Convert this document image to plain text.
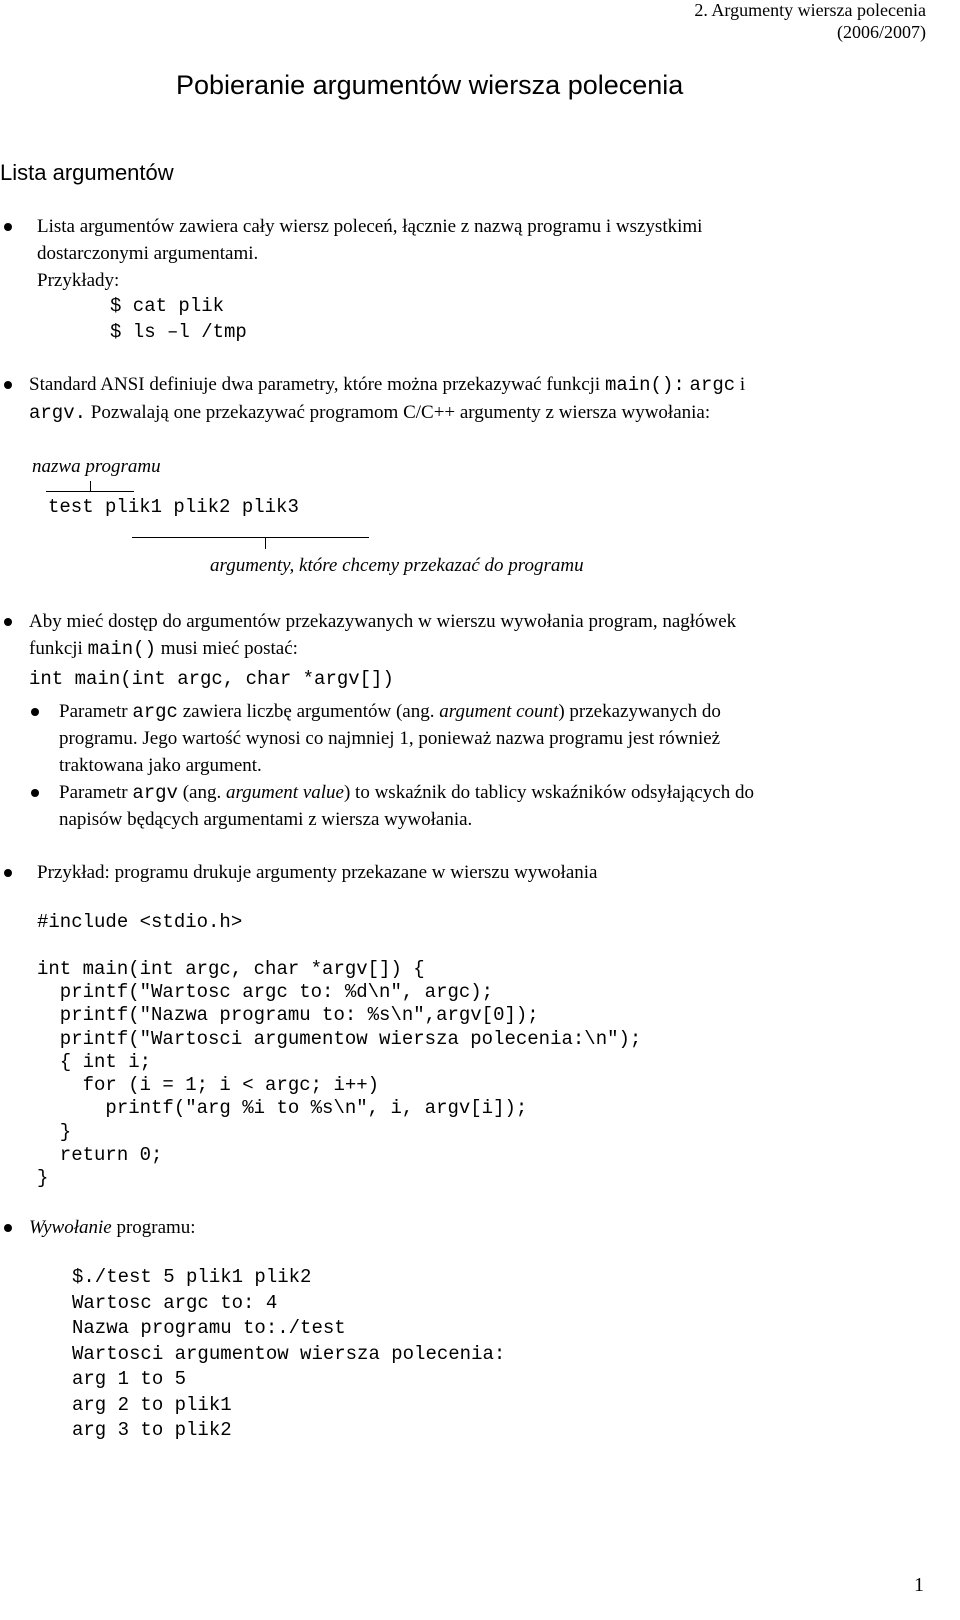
2. Argumenty wiersza polecenia
(2006/2007)
Pobieranie argumentów wiersza polecenia
Lista argumentów
Lista argumentów zawiera cały wiersz poleceń, łącznie z nazwą programu i wszystkimi
dostarczonymi argumentami.
Przykłady:
$ cat plik
$ ls –l /tmp
Standard ANSI definiuje dwa parametry, które można przekazywać funkcji main(): argc i
argv. Pozwalają one przekazywać programom C/C++ argumenty z wiersza wywołania:
nazwa programu
test plik1 plik2 plik3
argumenty, które chcemy przekazać do programu
Aby mieć dostęp do argumentów przekazywanych w wierszu wywołania program, nagłówek
funkcji main() musi mieć postać:
int main(int argc, char *argv[])
Parametr argc zawiera liczbę argumentów (ang. argument count) przekazywanych do
programu. Jego wartość wynosi co najmniej 1, ponieważ nazwa programu jest również
traktowana jako argument.
Parametr argv (ang. argument value) to wskaźnik do tablicy wskaźników odsyłających do
napisów będących argumentami z wiersza wywołania.
Przykład: programu drukuje argumenty przekazane w wierszu wywołania
#include <stdio.h>
int main(int argc, char *argv[]) {
printf("Wartosc argc to: %d\n", argc);
printf("Nazwa programu to: %s\n",argv[0]);
printf("Wartosci argumentow wiersza polecenia:\n");
{ int i;
for (i = 1; i < argc; i++)
printf("arg %i to %s\n", i, argv[i]);
}
return 0;
}
Wywołanie programu:
$./test 5 plik1 plik2
Wartosc argc to: 4
Nazwa programu to:./test
Wartosci argumentow wiersza polecenia:
arg 1 to 5
arg 2 to plik1
arg 3 to plik2
1
